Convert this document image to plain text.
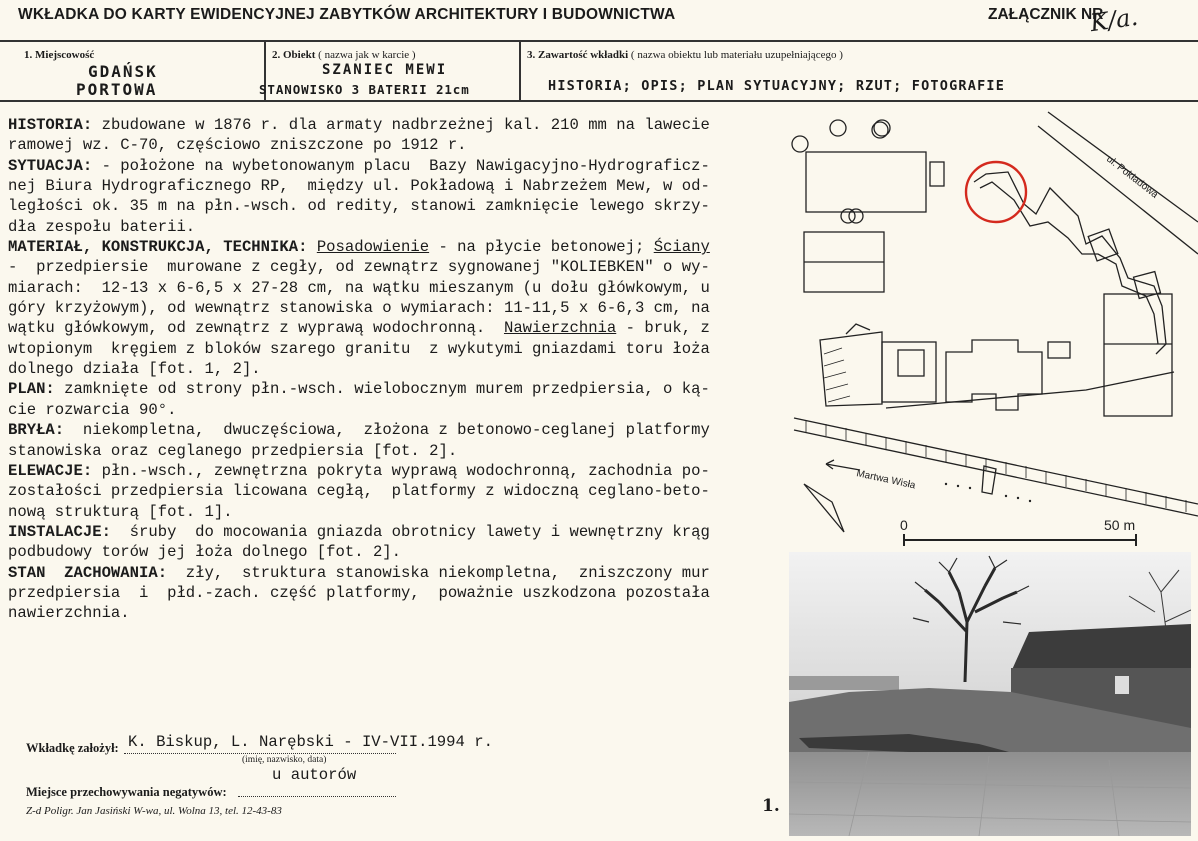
WKŁADKA DO KARTY EWIDENCYJNEJ ZABYTKÓW ARCHITEKTURY I BUDOWNICTWA	ZAŁĄCZNIK NR
K/a.
1. Miejscowość
GDAŃSK
PORTOWA
2. Obiekt ( nazwa jak w karcie )
SZANIEC MEWI
STANOWISKO 3 BATERII 21cm
3. Zawartość wkładki ( nazwa obiektu lub materiału uzupełniającego )
HISTORIA; OPIS; PLAN SYTUACYJNY; RZUT; FOTOGRAFIE
HISTORIA: zbudowane w 1876 r. dla armaty nadbrzeżnej kal. 210 mm na lawecie
ramowej wz. C-70, częściowo zniszczone po 1912 r.
SYTUACJA: - położone na wybetonowanym placu  Bazy Nawigacyjno-Hydrograficz-
nej Biura Hydrograficznego RP,  między ul. Pokładową i Nabrzeżem Mew, w od-
ległości ok. 35 m na płn.-wsch. od redity, stanowi zamknięcie lewego skrzy-
dła zespołu baterii.
MATERIAŁ, KONSTRUKCJA, TECHNIKA: Posadowienie - na płycie betonowej; Ściany
-  przedpiersie  murowane z cegły, od zewnątrz sygnowanej "KOLIEBKEN" o wy-
miarach:  12-13 x 6-6,5 x 27-28 cm, na wątku mieszanym (u dołu główkowym, u
góry krzyżowym), od wewnątrz stanowiska o wymiarach: 11-11,5 x 6-6,3 cm, na
wątku główkowym, od zewnątrz z wyprawą wodochronną.  Nawierzchnia - bruk, z
wtopionym  kręgiem z bloków szarego granitu  z wykutymi gniazdami toru łoża
dolnego działa [fot. 1, 2].
PLAN: zamknięte od strony płn.-wsch. wielobocznym murem przedpiersia, o ką-
cie rozwarcia 90°.
BRYŁA:  niekompletna,  dwuczęściowa,  złożona z betonowo-ceglanej platformy
stanowiska oraz ceglanego przedpiersia [fot. 2].
ELEWACJE: płn.-wsch., zewnętrzna pokryta wyprawą wodochronną, zachodnia po-
zostałości przedpiersia licowana cegłą,  platformy z widoczną ceglano-beto-
nową strukturą [fot. 1].
INSTALACJE:  śruby  do mocowania gniazda obrotnicy lawety i wewnętrzny krąg
podbudowy torów jej łoża dolnego [fot. 2].
STAN  ZACHOWANIA:  zły,  struktura stanowiska niekompletna,  zniszczony mur
przedpiersia  i  płd.-zach. część platformy,  poważnie uszkodzona pozostała
nawierzchnia.
ul. Pokładowa
Martwa Wisła
0	50 m
Wkładkę założył: K. Biskup, L. Narębski - IV-VII.1994 r.
(imię, nazwisko, data)
u autorów
Miejsce przechowywania negatywów:
Z-d Poligr. Jan Jasiński W-wa, ul. Wolna 13, tel. 12-43-83	1.
